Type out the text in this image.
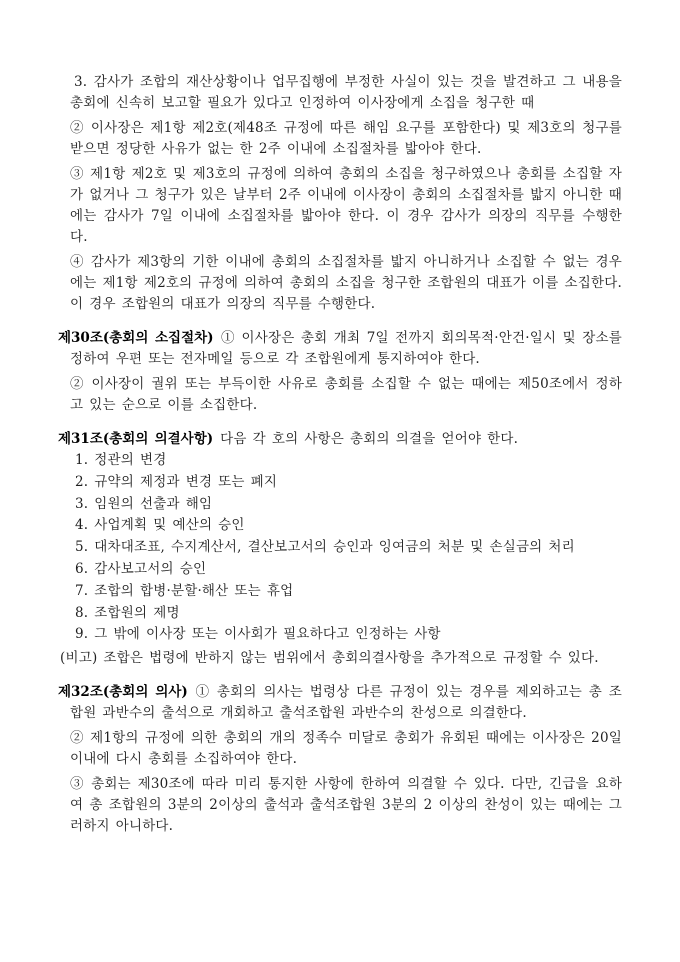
3. 감사가 조합의 재산상황이나 업무집행에 부정한 사실이 있는 것을 발견하고 그 내용을 총회에 신속히 보고할 필요가 있다고 인정하여 이사장에게 소집을 청구한 때

② 이사장은 제1항 제2호(제48조 규정에 따른 해임 요구를 포함한다) 및 제3호의 청구를 받으면 정당한 사유가 없는 한 2주 이내에 소집절차를 밟아야 한다.

③ 제1항 제2호 및 제3호의 규정에 의하여 총회의 소집을 청구하였으나 총회를 소집할 자가 없거나 그 청구가 있은 날부터 2주 이내에 이사장이 총회의 소집절차를 밟지 아니한 때에는 감사가 7일 이내에 소집절차를 밟아야 한다. 이 경우 감사가 의장의 직무를 수행한다.

④ 감사가 제3항의 기한 이내에 총회의 소집절차를 밟지 아니하거나 소집할 수 없는 경우에는 제1항 제2호의 규정에 의하여 총회의 소집을 청구한 조합원의 대표가 이를 소집한다. 이 경우 조합원의 대표가 의장의 직무를 수행한다.

제30조(총회의 소집절차) ① 이사장은 총회 개최 7일 전까지 회의목적·안건·일시 및 장소를 정하여 우편 또는 전자메일 등으로 각 조합원에게 통지하여야 한다.

② 이사장이 궐위 또는 부득이한 사유로 총회를 소집할 수 없는 때에는 제50조에서 정하고 있는 순으로 이를 소집한다.

제31조(총회의 의결사항) 다음 각 호의 사항은 총회의 의결을 얻어야 한다.

1. 정관의 변경

2. 규약의 제정과 변경 또는 폐지

3. 임원의 선출과 해임

4. 사업계획 및 예산의 승인

5. 대차대조표, 수지계산서, 결산보고서의 승인과 잉여금의 처분 및 손실금의 처리

6. 감사보고서의 승인

7. 조합의 합병·분할·해산 또는 휴업

8. 조합원의 제명

9. 그 밖에 이사장 또는 이사회가 필요하다고 인정하는 사항

(비고) 조합은 법령에 반하지 않는 범위에서 총회의결사항을 추가적으로 규정할 수 있다.

제32조(총회의 의사) ① 총회의 의사는 법령상 다른 규정이 있는 경우를 제외하고는 총 조합원 과반수의 출석으로 개회하고 출석조합원 과반수의 찬성으로 의결한다.

② 제1항의 규정에 의한 총회의 개의 정족수 미달로 총회가 유회된 때에는 이사장은 20일 이내에 다시 총회를 소집하여야 한다.

③ 총회는 제30조에 따라 미리 통지한 사항에 한하여 의결할 수 있다. 다만, 긴급을 요하여 총 조합원의 3분의 2이상의 출석과 출석조합원 3분의 2 이상의 찬성이 있는 때에는 그러하지 아니하다.
